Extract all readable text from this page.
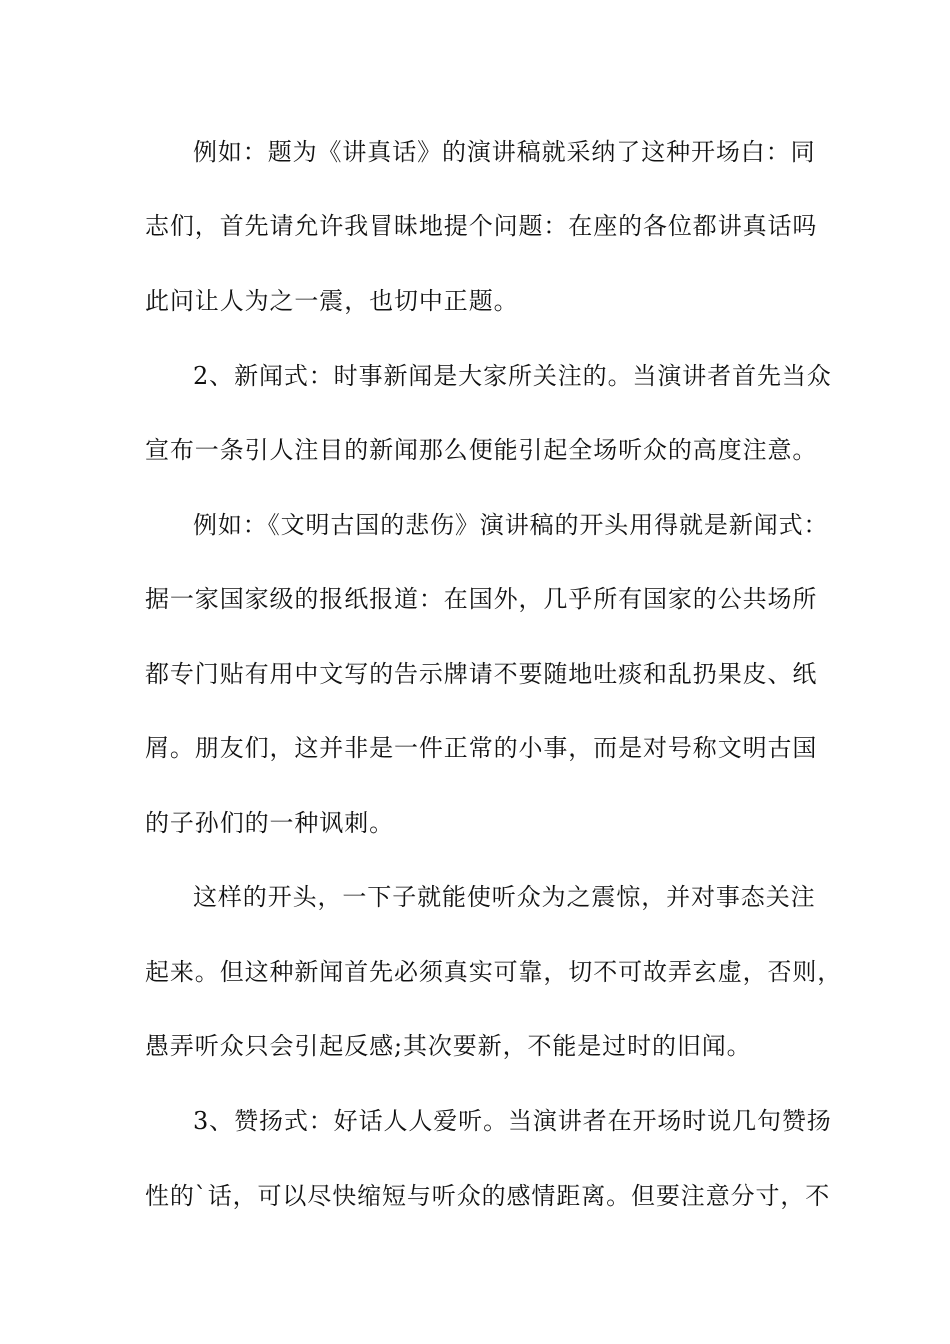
例如：题为《讲真话》的演讲稿就采纳了这种开场白：同
志们，首先请允许我冒昧地提个问题：在座的各位都讲真话吗
此问让人为之一震，也切中正题。
2、新闻式：时事新闻是大家所关注的。当演讲者首先当众
宣布一条引人注目的新闻那么便能引起全场听众的高度注意。
例如：《文明古国的悲伤》演讲稿的开头用得就是新闻式：
据一家国家级的报纸报道：在国外，几乎所有国家的公共场所
都专门贴有用中文写的告示牌请不要随地吐痰和乱扔果皮、纸
屑。朋友们，这并非是一件正常的小事，而是对号称文明古国
的子孙们的一种讽刺。
这样的开头，一下子就能使听众为之震惊，并对事态关注
起来。但这种新闻首先必须真实可靠，切不可故弄玄虚，否则，
愚弄听众只会引起反感;其次要新，不能是过时的旧闻。
3、赞扬式：好话人人爱听。当演讲者在开场时说几句赞扬
性的`话，可以尽快缩短与听众的感情距离。但要注意分寸，不
